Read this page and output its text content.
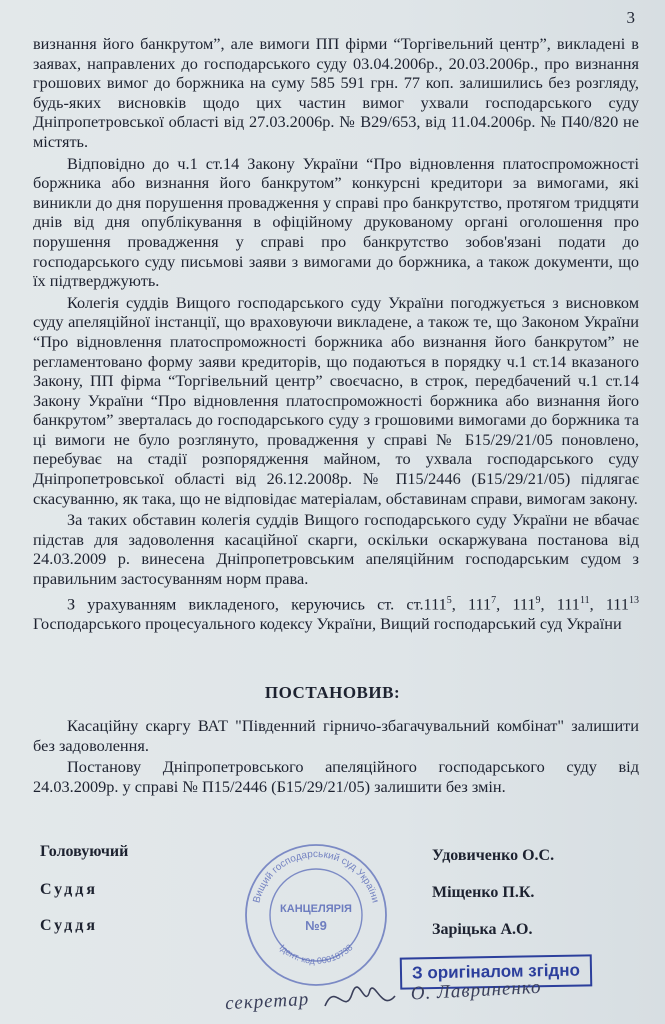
3

визнання його банкрутом”, але вимоги ПП фірми “Торгівельний центр”, викладені в заявах, направлених до господарського суду 03.04.2006р., 20.03.2006р., про визнання грошових вимог до боржника на суму 585 591 грн. 77 коп. залишились без розгляду, будь-яких висновків щодо цих частин вимог ухвали господарського суду Дніпропетровської області від 27.03.2006р. № В29/653, від 11.04.2006р. № П40/820 не містять.

Відповідно до ч.1 ст.14 Закону України “Про відновлення платоспроможності боржника або визнання його банкрутом” конкурсні кредитори за вимогами, які виникли до дня порушення провадження у справі про банкрутство, протягом тридцяти днів від дня опублікування в офіційному друкованому органі оголошення про порушення провадження у справі про банкрутство зобов'язані подати до господарського суду письмові заяви з вимогами до боржника, а також документи, що їх підтверджують.

Колегія суддів Вищого господарського суду України погоджується з висновком суду апеляційної інстанції, що враховуючи викладене, а також те, що Законом України “Про відновлення платоспроможності боржника або визнання його банкрутом” не регламентовано форму заяви кредиторів, що подаються в порядку ч.1 ст.14 вказаного Закону, ПП фірма “Торгівельний центр” своєчасно, в строк, передбачений ч.1 ст.14 Закону України “Про відновлення платоспроможності боржника або визнання його банкрутом” зверталась до господарського суду з грошовими вимогами до боржника та ці вимоги не було розглянуто, провадження у справі № Б15/29/21/05 поновлено, перебуває на стадії розпорядження майном, то ухвала господарського суду Дніпропетровської області від 26.12.2008р. № П15/2446 (Б15/29/21/05) підлягає скасуванню, як така, що не відповідає матеріалам, обставинам справи, вимогам закону.

За таких обставин колегія суддів Вищого господарського суду України не вбачає підстав для задоволення касаційної скарги, оскільки оскаржувана постанова від 24.03.2009 р. винесена Дніпропетровським апеляційним господарським судом з правильним застосуванням норм права.

З урахуванням викладеного, керуючись ст. ст.111$^5$, $111^7$, $111^9$, $111^{11}$, $111^{13}$ Господарського процесуального кодексу України, Вищий господарський суд України

ПОСТАНОВИВ:

Касаційну скаргу ВАТ "Південний гірничо-збагачувальний комбінат" залишити без задоволення.

Постанову Дніпропетровського апеляційного господарського суду від 24.03.2009р. у справі № П15/2446 (Б15/29/21/05) залишити без змін.

Головуючий
Суддя
Суддя
Удовиченко О.С.
Міщенко П.К.
Заріцька А.О.
Вищий господарський суд України
Ідент. код 00018738
КАНЦЕЛЯРІЯ
№9
З оригіналом згідно
секретар	О. Лавриненко
